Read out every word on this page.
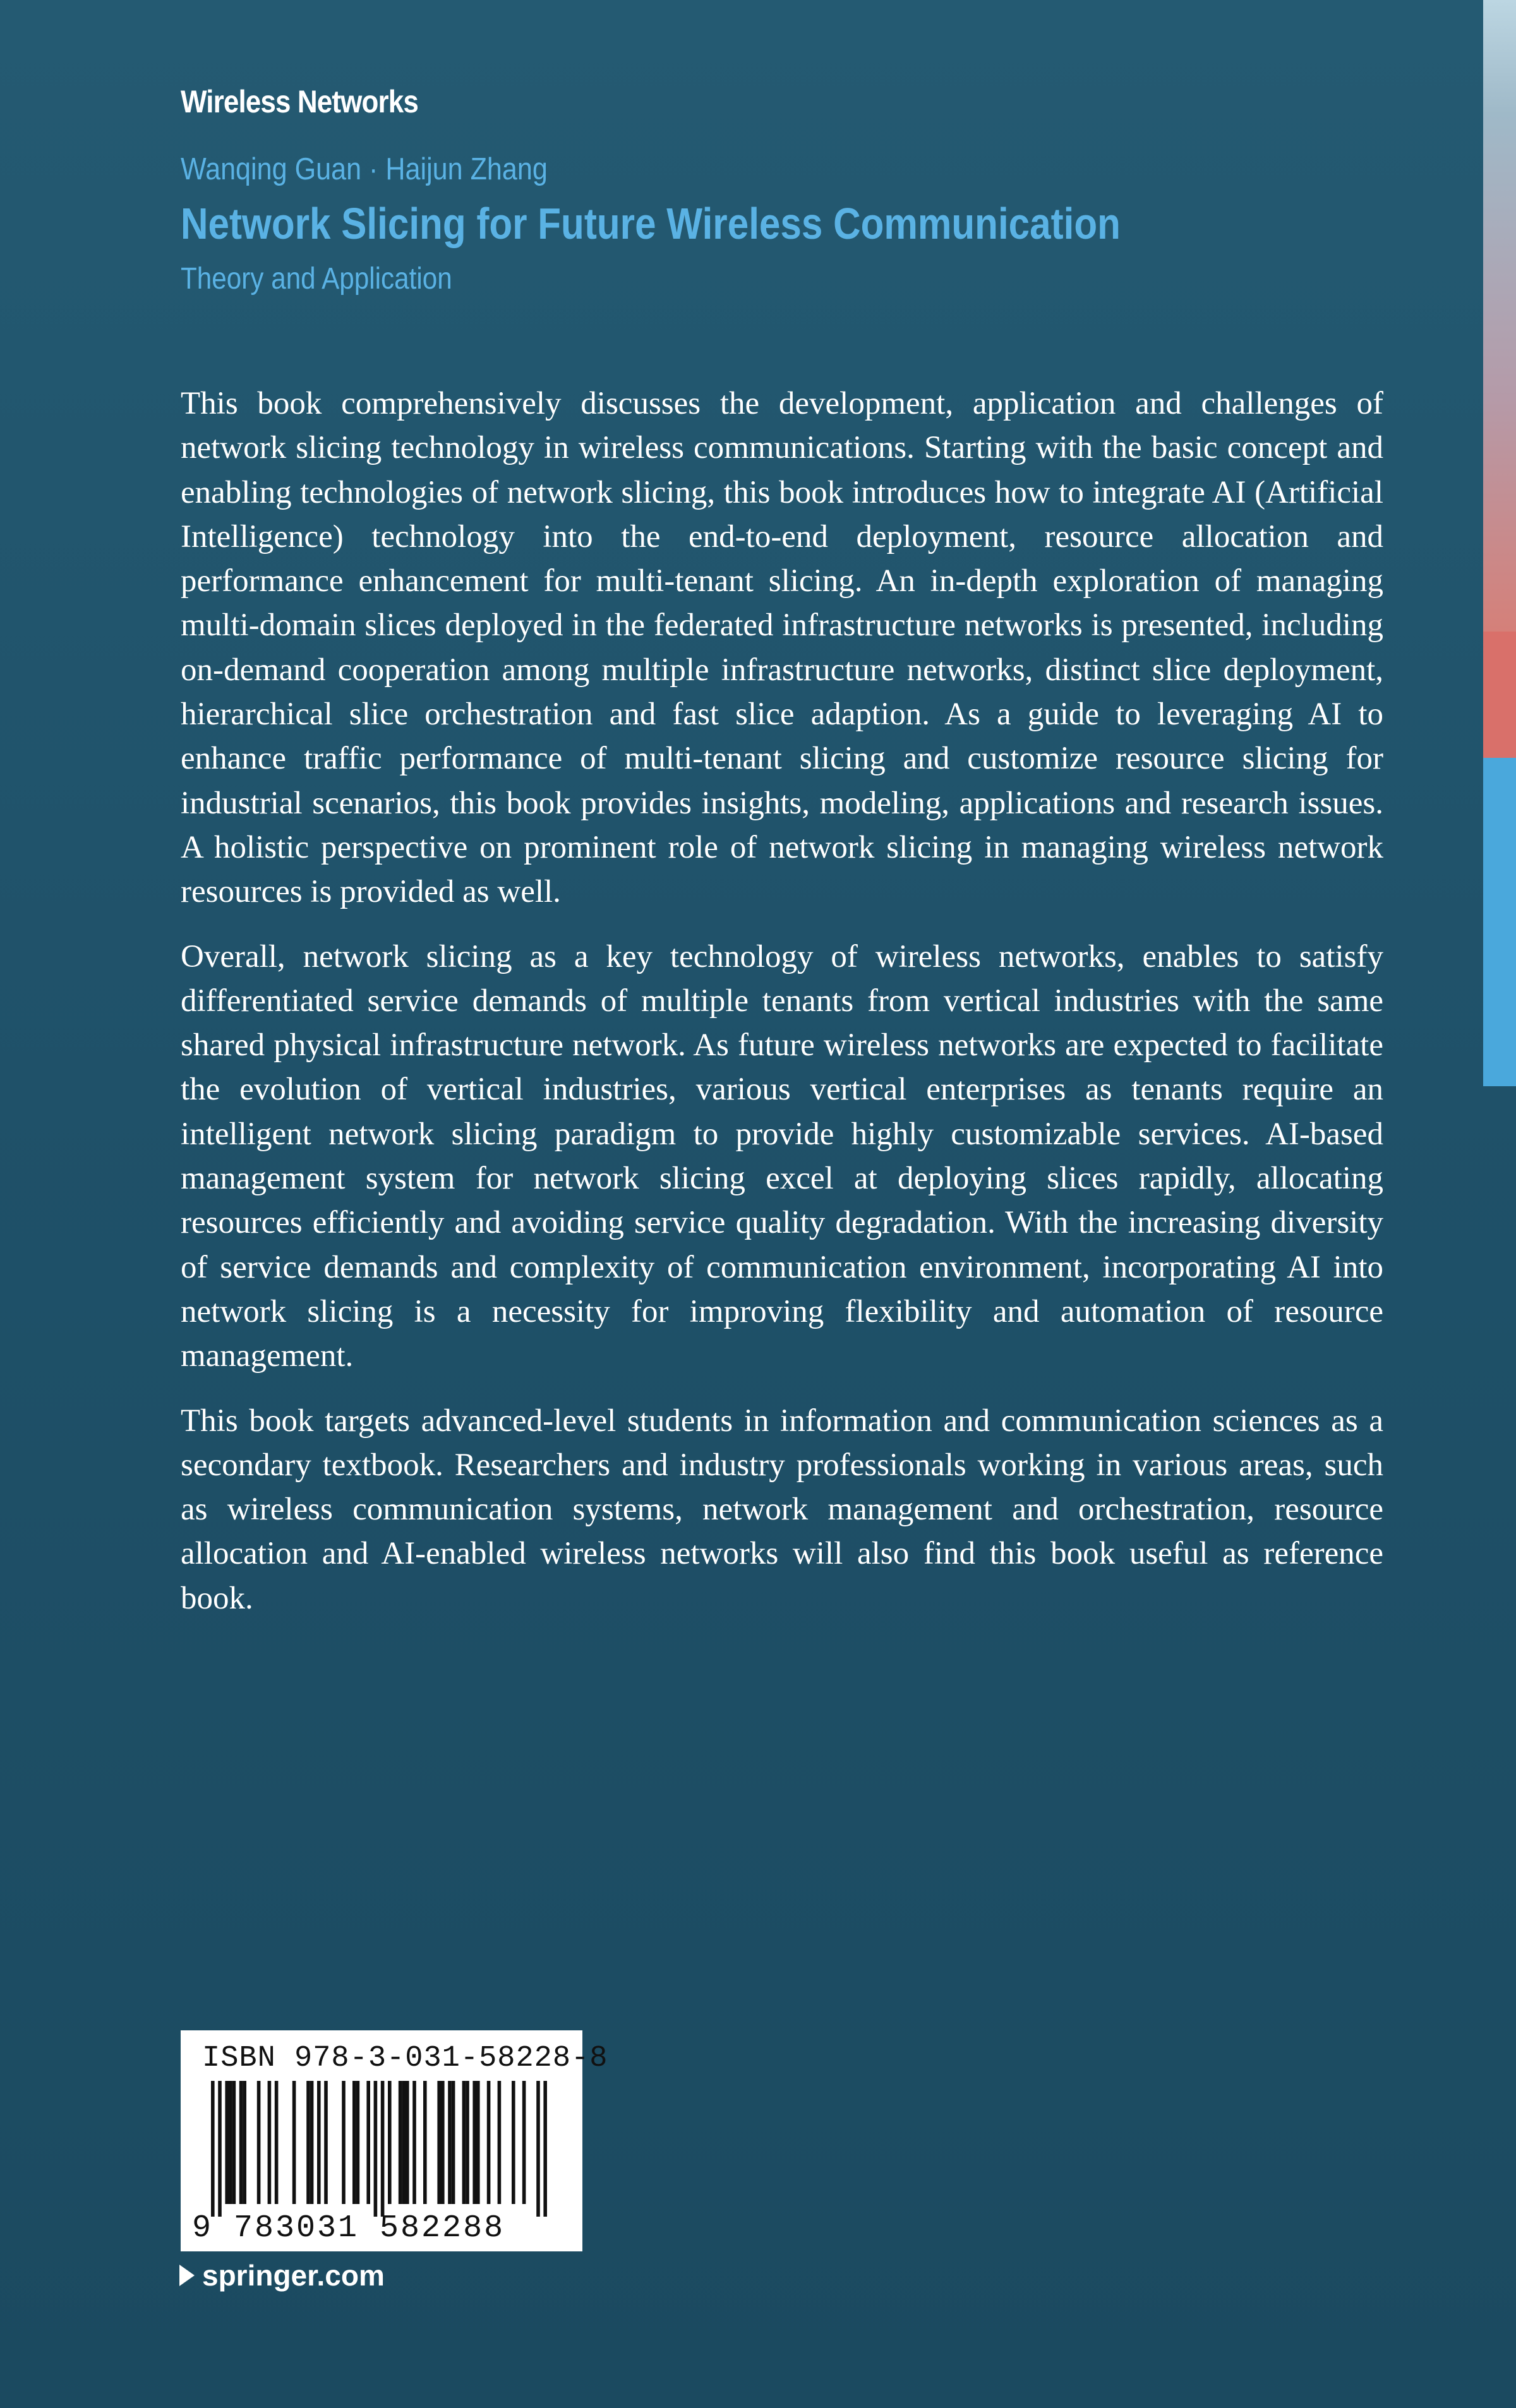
Wireless Networks
Wanqing Guan · Haijun Zhang
Network Slicing for Future Wireless Communication
Theory and Application

This book comprehensively discusses the development, application and challenges of network slicing technology in wireless communications. Starting with the basic concept and enabling technologies of network slicing, this book introduces how to integrate AI (Artificial Intelligence) technology into the end-to-end deployment, resource allocation and performance enhancement for multi-tenant slicing. An in-depth exploration of managing multi-domain slices deployed in the federated infrastructure networks is presented, including on-demand cooperation among multiple infrastructure networks, distinct slice deployment, hierarchical slice orchestration and fast slice adaption. As a guide to leveraging AI to enhance traffic performance of multi-tenant slicing and customize resource slicing for industrial scenarios, this book provides insights, modeling, applications and research issues. A holistic perspective on prominent role of network slicing in managing wireless network resources is provided as well.

Overall, network slicing as a key technology of wireless networks, enables to satisfy differentiated service demands of multiple tenants from vertical industries with the same shared physical infrastructure network. As future wireless networks are expected to facilitate the evolution of vertical industries, various vertical enterprises as tenants require an intelligent network slicing paradigm to provide highly customizable services. AI-based management system for network slicing excel at deploying slices rapidly, allocating resources efficiently and avoiding service quality degradation. With the increasing diversity of service demands and complexity of communication environment, incorporating AI into network slicing is a necessity for improving flexibility and automation of resource management.

This book targets advanced-level students in information and communication sciences as a secondary textbook. Researchers and industry professionals working in various areas, such as wireless communication systems, network management and orchestration, resource allocation and AI-enabled wireless networks will also find this book useful as reference book.

ISBN 978-3-031-58228-8
9 783031 582288
springer.com
